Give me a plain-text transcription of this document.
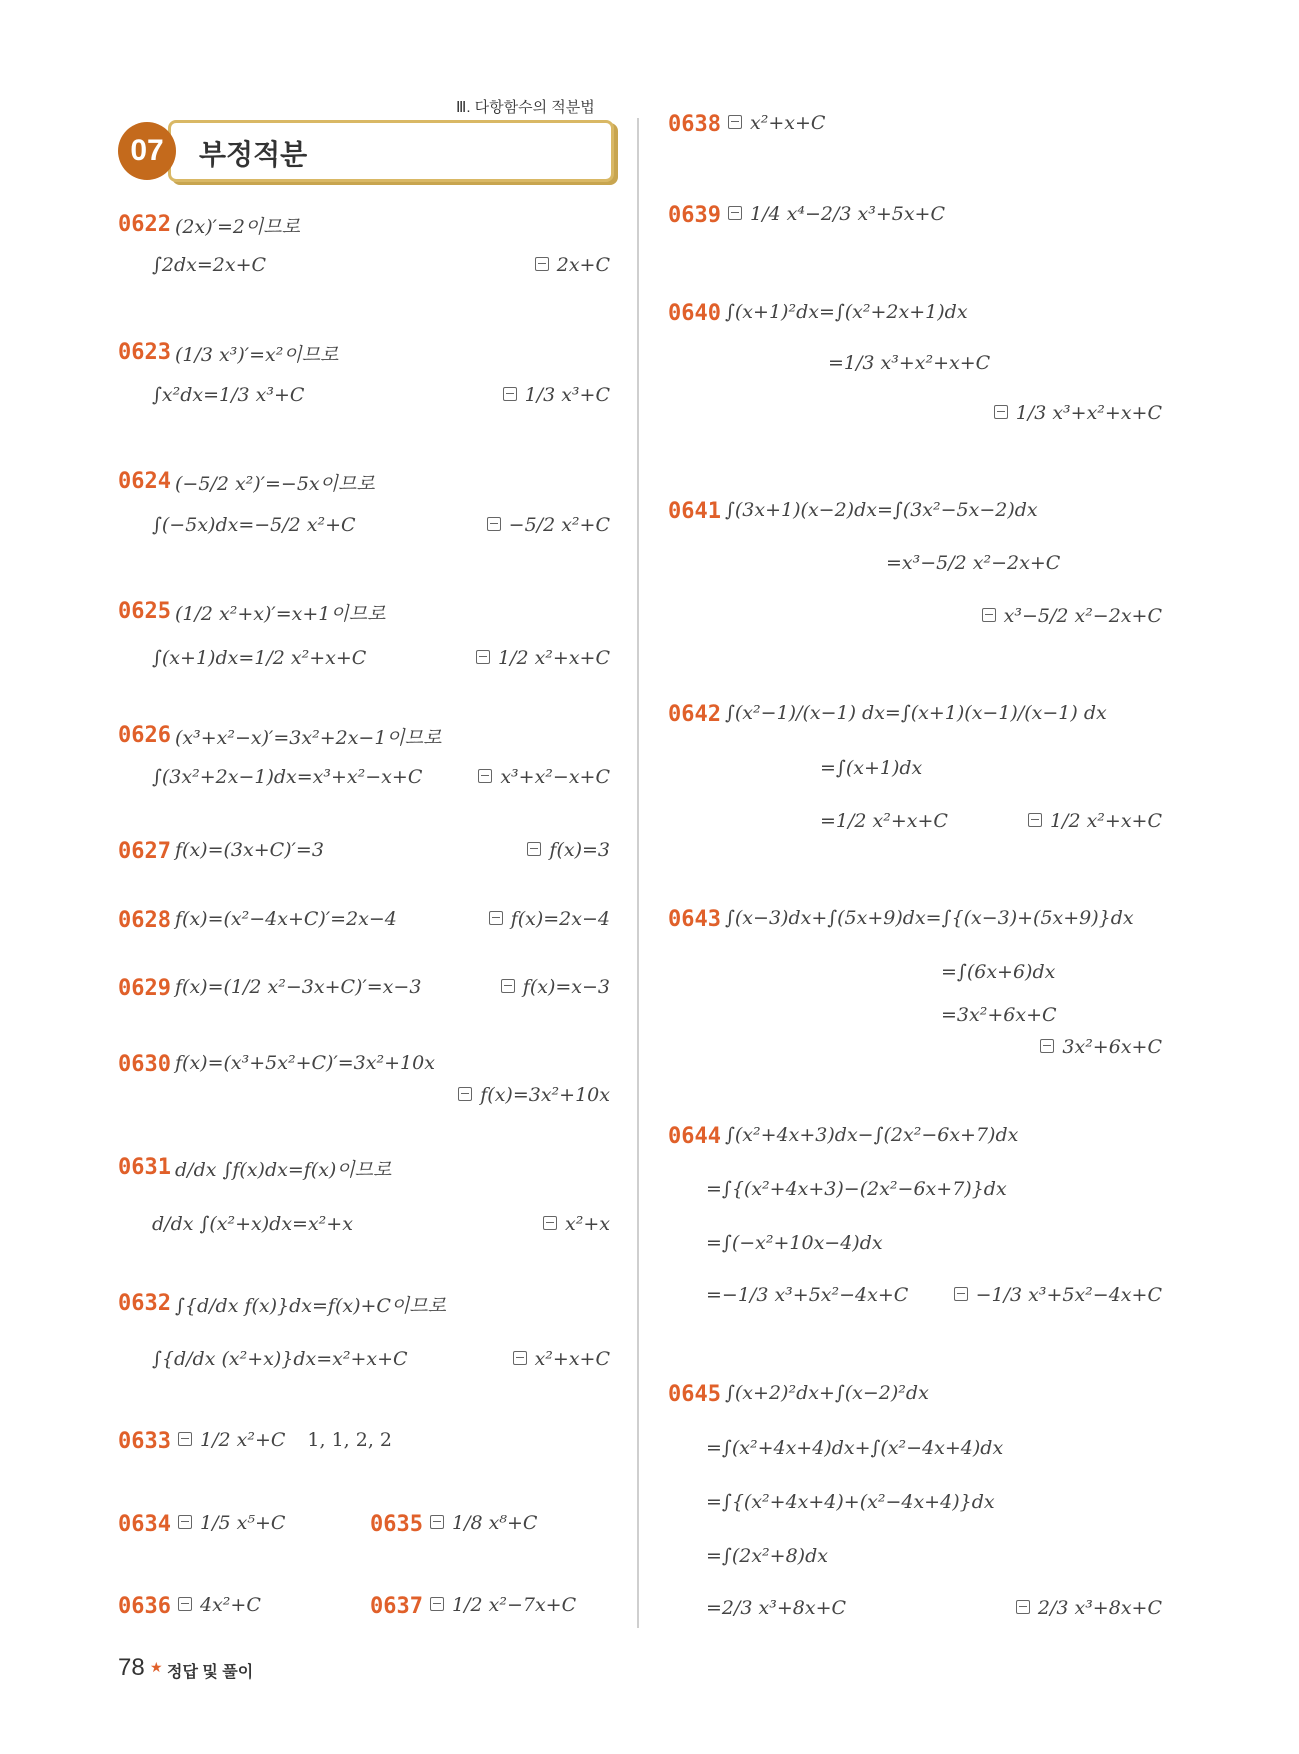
Ⅲ. 다항함수의 적분법
부정적분
07
0622 (2x)′=2이므로
∫2dx=2x+C	2x+C
0623 (1/3 x³)′=x²이므로
∫x²dx=1/3 x³+C	1/3 x³+C
0624 (−5/2 x²)′=−5x이므로
∫(−5x)dx=−5/2 x²+C	−5/2 x²+C
0625 (1/2 x²+x)′=x+1이므로
∫(x+1)dx=1/2 x²+x+C	1/2 x²+x+C
0626 (x³+x²−x)′=3x²+2x−1이므로
∫(3x²+2x−1)dx=x³+x²−x+C	x³+x²−x+C
0627 f(x)=(3x+C)′=3	f(x)=3
0628 f(x)=(x²−4x+C)′=2x−4	f(x)=2x−4
0629 f(x)=(1/2 x²−3x+C)′=x−3	f(x)=x−3
0630 f(x)=(x³+5x²+C)′=3x²+10x
f(x)=3x²+10x
0631 d/dx ∫f(x)dx=f(x)이므로
d/dx ∫(x²+x)dx=x²+x	x²+x
0632 ∫{d/dx f(x)}dx=f(x)+C이므로
∫{d/dx (x²+x)}dx=x²+x+C	x²+x+C
0633	1/2 x²+C 1, 1, 2, 2
0634	1/5 x⁵+C	0635	1/8 x⁸+C
0636	4x²+C	0637	1/2 x²−7x+C
0638	x²+x+C
0639	1/4 x⁴−2/3 x³+5x+C
0640 ∫(x+1)²dx=∫(x²+2x+1)dx
=1/3 x³+x²+x+C
1/3 x³+x²+x+C
0641 ∫(3x+1)(x−2)dx=∫(3x²−5x−2)dx
=x³−5/2 x²−2x+C
x³−5/2 x²−2x+C
0642 ∫(x²−1)/(x−1) dx=∫(x+1)(x−1)/(x−1) dx
=∫(x+1)dx
=1/2 x²+x+C	1/2 x²+x+C
0643 ∫(x−3)dx+∫(5x+9)dx=∫{(x−3)+(5x+9)}dx
=∫(6x+6)dx
=3x²+6x+C
3x²+6x+C
0644 ∫(x²+4x+3)dx−∫(2x²−6x+7)dx
=∫{(x²+4x+3)−(2x²−6x+7)}dx
=∫(−x²+10x−4)dx
=−1/3 x³+5x²−4x+C	−1/3 x³+5x²−4x+C
0645 ∫(x+2)²dx+∫(x−2)²dx
=∫(x²+4x+4)dx+∫(x²−4x+4)dx
=∫{(x²+4x+4)+(x²−4x+4)}dx
=∫(2x²+8)dx
=2/3 x³+8x+C	2/3 x³+8x+C
78 ★ 정답 및 풀이
